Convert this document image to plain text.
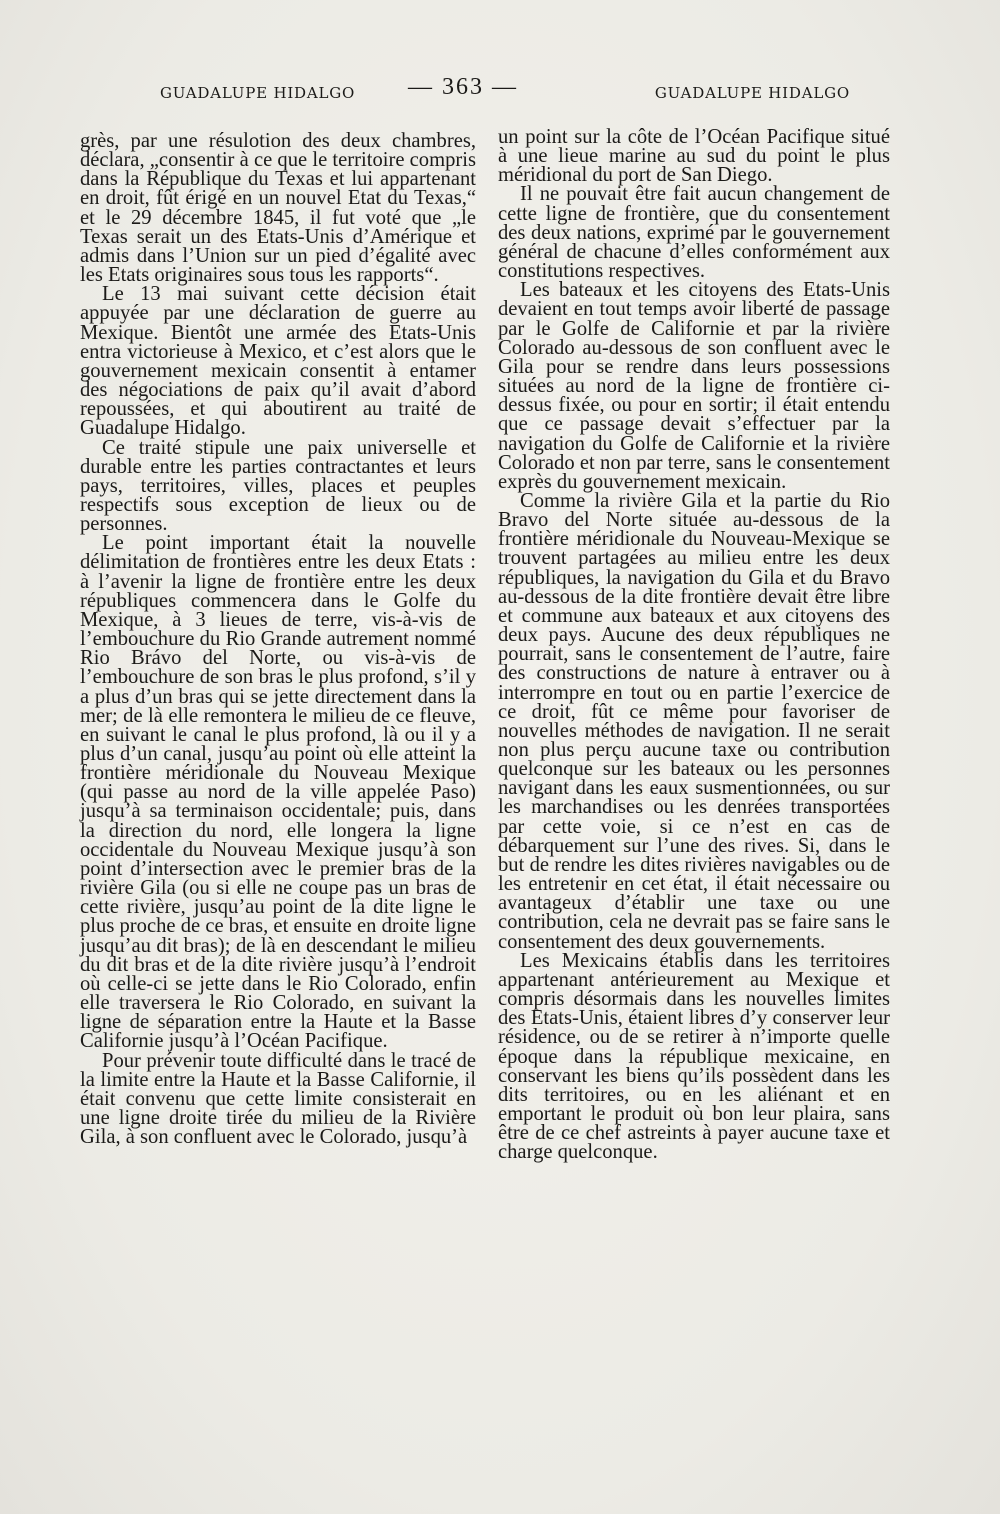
GUADALUPE HIDALGO — 363 —	GUADALUPE HIDALGO

grès, par une résulotion des deux chambres, déclara, „consentir à ce que le territoire compris dans la République du Texas et lui appartenant en droit, fût érigé en un nouvel Etat du Texas,“ et le 29 décembre 1845, il fut voté que „le Texas serait un des Etats-Unis d’Amérique et admis dans l’Union sur un pied d’égalité avec les Etats originaires sous tous les rapports“.

Le 13 mai suivant cette décision était appuyée par une déclaration de guerre au Mexique. Bientôt une armée des Etats-Unis entra victorieuse à Mexico, et c’est alors que le gouvernement mexicain consentit à entamer des négociations de paix qu’il avait d’abord repoussées, et qui aboutirent au traité de Guadalupe Hidalgo.

Ce traité stipule une paix universelle et durable entre les parties contractantes et leurs pays, territoires, villes, places et peuples respectifs sous exception de lieux ou de personnes.

Le point important était la nouvelle délimitation de frontières entre les deux Etats : à l’avenir la ligne de frontière entre les deux républiques commencera dans le Golfe du Mexique, à 3 lieues de terre, vis-à-vis de l’embouchure du Rio Grande autrement nommé Rio Brávo del Norte, ou vis-à-vis de l’embouchure de son bras le plus profond, s’il y a plus d’un bras qui se jette directement dans la mer; de là elle remontera le milieu de ce fleuve, en suivant le canal le plus profond, là ou il y a plus d’un canal, jusqu’au point où elle atteint la frontière méridionale du Nouveau Mexique (qui passe au nord de la ville appelée Paso) jusqu’à sa terminaison occidentale; puis, dans la direction du nord, elle longera la ligne occidentale du Nouveau Mexique jusqu’à son point d’intersection avec le premier bras de la rivière Gila (ou si elle ne coupe pas un bras de cette rivière, jusqu’au point de la dite ligne le plus proche de ce bras, et ensuite en droite ligne jusqu’au dit bras); de là en descendant le milieu du dit bras et de la dite rivière jusqu’à l’endroit où celle-ci se jette dans le Rio Colorado, enfin elle traversera le Rio Colorado, en suivant la ligne de séparation entre la Haute et la Basse Californie jusqu’à l’Océan Pacifique.

Pour prévenir toute difficulté dans le tracé de la limite entre la Haute et la Basse Californie, il était convenu que cette limite consisterait en une ligne droite tirée du milieu de la Rivière Gila, à son confluent avec le Colorado, jusqu’à

un point sur la côte de l’Océan Pacifique situé à une lieue marine au sud du point le plus méridional du port de San Diego.

Il ne pouvait être fait aucun changement de cette ligne de frontière, que du consentement des deux nations, exprimé par le gouvernement général de chacune d’elles conformément aux constitutions respectives.

Les bateaux et les citoyens des Etats-Unis devaient en tout temps avoir liberté de passage par le Golfe de Californie et par la rivière Colorado au-dessous de son confluent avec le Gila pour se rendre dans leurs possessions situées au nord de la ligne de frontière ci-dessus fixée, ou pour en sortir; il était entendu que ce passage devait s’effectuer par la navigation du Golfe de Californie et la rivière Colorado et non par terre, sans le consentement exprès du gouvernement mexicain.

Comme la rivière Gila et la partie du Rio Bravo del Norte située au-dessous de la frontière méridionale du Nouveau-Mexique se trouvent partagées au milieu entre les deux républiques, la navigation du Gila et du Bravo au-dessous de la dite frontière devait être libre et commune aux bateaux et aux citoyens des deux pays. Aucune des deux républiques ne pourrait, sans le consentement de l’autre, faire des constructions de nature à entraver ou à interrompre en tout ou en partie l’exercice de ce droit, fût ce même pour favoriser de nouvelles méthodes de navigation. Il ne serait non plus perçu aucune taxe ou contribution quelconque sur les bateaux ou les personnes navigant dans les eaux susmentionnées, ou sur les marchandises ou les denrées transportées par cette voie, si ce n’est en cas de débarquement sur l’une des rives. Si, dans le but de rendre les dites rivières navigables ou de les entretenir en cet état, il était nécessaire ou avantageux d’établir une taxe ou une contribution, cela ne devrait pas se faire sans le consentement des deux gouvernements.

Les Mexicains établis dans les territoires appartenant antérieurement au Mexique et compris désormais dans les nouvelles limites des Etats-Unis, étaient libres d’y conserver leur résidence, ou de se retirer à n’importe quelle époque dans la république mexicaine, en conservant les biens qu’ils possèdent dans les dits territoires, ou en les aliénant et en emportant le produit où bon leur plaira, sans être de ce chef astreints à payer aucune taxe et charge quelconque.
